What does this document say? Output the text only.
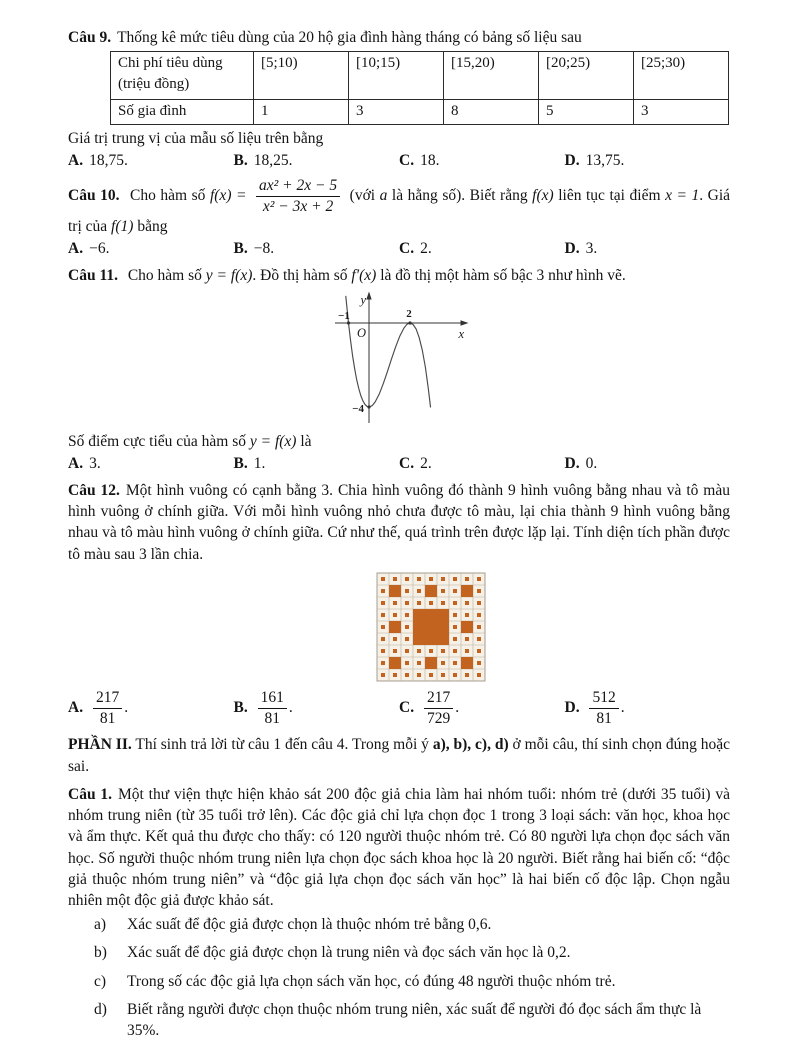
Câu 9. Thống kê mức tiêu dùng của 20 hộ gia đình hàng tháng có bảng số liệu sau

Chi phí tiêu dùng
(triệu đồng)	[5;10)	[10;15)	[15,20)	[20;25)	[25;30)
Số gia đình	1	3	8	5	3

Giá trị trung vị của mẫu số liệu trên bằng

A. 18,75.	B. 18,25.	C. 18.	D. 13,75.

Câu 10. Cho hàm số $f(x) = \frac{\text{ax² + 2x − 5}}{\text{x² − 3x + 2}}$ (với a là hằng số). Biết rằng f(x) liên tục tại điểm x = 1. Giá trị của f(1) bằng

A. −6.	B. −8.	C. 2.	D. 3.

Câu 11. Cho hàm số y = f(x). Đồ thị hàm số f′(x) là đồ thị một hàm số bậc 3 như hình vẽ.

y
x
O
−1	2
−4

Số điểm cực tiểu của hàm số y = f(x) là

A. 3.	B. 1.	C. 2.	D. 0.

Câu 12. Một hình vuông có cạnh bằng 3. Chia hình vuông đó thành 9 hình vuông bằng nhau và tô màu hình vuông ở chính giữa. Với mỗi hình vuông nhỏ chưa được tô màu, lại chia thành 9 hình vuông bằng nhau và tô màu hình vuông ở chính giữa. Cứ như thế, quá trình trên được lặp lại. Tính diện tích phần được tô màu sau 3 lần chia.

A.
$\frac{217}{81}$ .	B.
$\frac{161}{81}$ .	C.
$\frac{217}{729}$ .	D.
$\frac{512}{81}$ .

PHẦN II. Thí sinh trả lời từ câu 1 đến câu 4. Trong mỗi ý a), b), c), d) ở mỗi câu, thí sinh chọn đúng hoặc sai.

Câu 1. Một thư viện thực hiện khảo sát 200 độc giả chia làm hai nhóm tuổi: nhóm trẻ (dưới 35 tuổi) và nhóm trung niên (từ 35 tuổi trở lên). Các độc giả chỉ lựa chọn đọc 1 trong 3 loại sách: văn học, khoa học và ẩm thực. Kết quả thu được cho thấy: có 120 người thuộc nhóm trẻ. Có 80 người lựa chọn đọc sách văn học. Số người thuộc nhóm trung niên lựa chọn đọc sách khoa học là 20 người. Biết rằng hai biến cố: “độc giả thuộc nhóm trung niên” và “độc giả lựa chọn đọc sách văn học” là hai biến cố độc lập. Chọn ngẫu nhiên một độc giả được khảo sát.

a)	Xác suất để độc giả được chọn là thuộc nhóm trẻ bằng 0,6.
b)	Xác suất để độc giả được chọn là trung niên và đọc sách văn học là 0,2.
c)	Trong số các độc giả lựa chọn sách văn học, có đúng 48 người thuộc nhóm trẻ.
d)	Biết rằng người được chọn thuộc nhóm trung niên, xác suất để người đó đọc sách ẩm thực là 35%.
